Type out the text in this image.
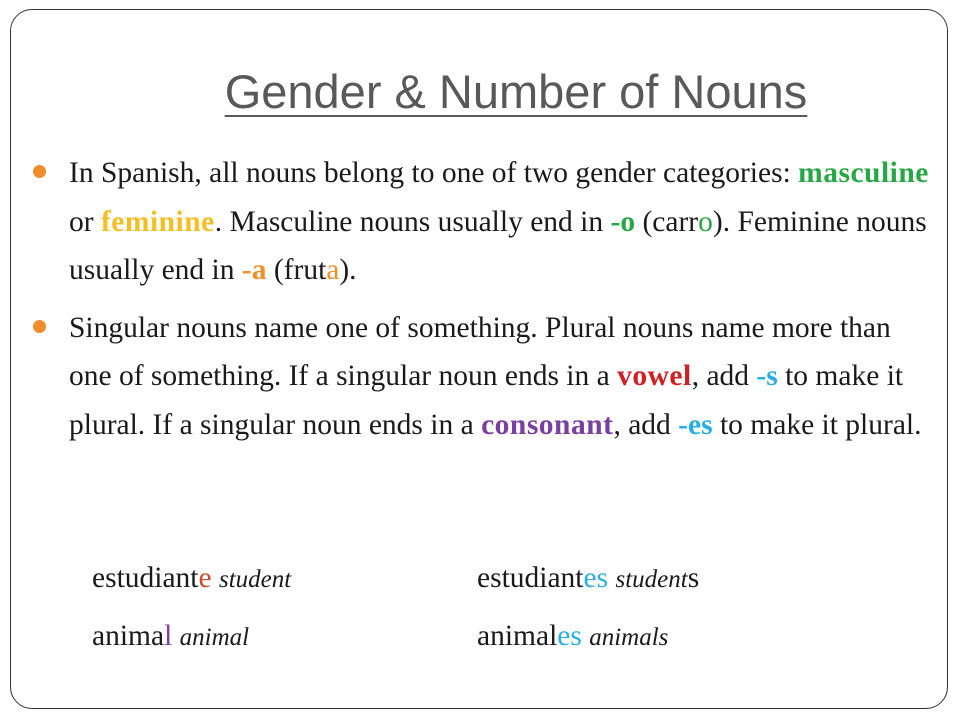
Gender & Number of Nouns

In Spanish, all nouns belong to one of two gender categories: masculine or feminine. Masculine nouns usually end in -o (carro). Feminine nouns usually end in -a (fruta).

Singular nouns name one of something. Plural nouns name more than one of something. If a singular noun ends in a vowel, add -s to make it plural. If a singular noun ends in a consonant, add -es to make it plural.

estudiante student	estudiantes students
animal animal	animales animals
